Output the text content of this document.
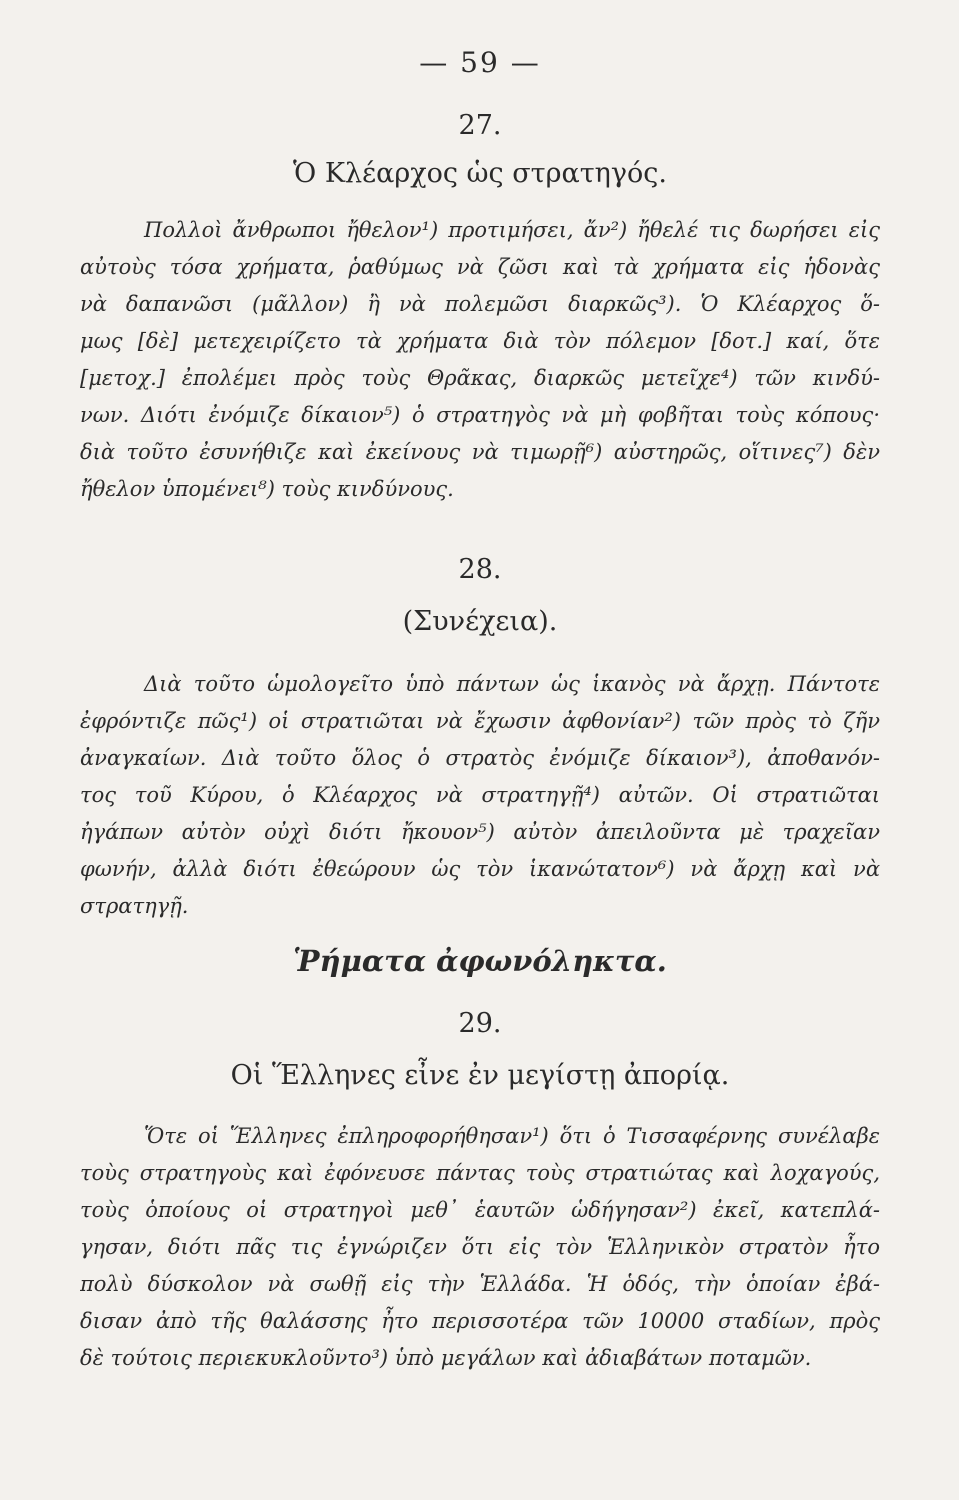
— 59 —
27.
Ὁ Κλέαρχος ὡς στρατηγός.
Πολλοὶ ἄνθρωποι ἤθελον¹) προτιμήσει, ἄν²) ἤθελέ τις δωρήσει εἰς
αὐτοὺς τόσα χρήματα, ῥαθύμως νὰ ζῶσι καὶ τὰ χρήματα εἰς ἡδονὰς
νὰ δαπανῶσι (μᾶλλον) ἢ νὰ πολεμῶσι διαρκῶς³). Ὁ Κλέαρχος ὅ-
μως [δὲ] μετεχειρίζετο τὰ χρήματα διὰ τὸν πόλεμον [δοτ.] καί, ὅτε
[μετοχ.] ἐπολέμει πρὸς τοὺς Θρᾶκας, διαρκῶς μετεῖχε⁴) τῶν κινδύ-
νων. Διότι ἐνόμιζε δίκαιον⁵) ὁ στρατηγὸς νὰ μὴ φοβῆται τοὺς κόπους·
διὰ τοῦτο ἐσυνήθιζε καὶ ἐκείνους νὰ τιμωρῇ⁶) αὐστηρῶς, οἵτινες⁷) δὲν
ἤθελον ὑπομένει⁸) τοὺς κινδύνους.
28.
(Συνέχεια).
Διὰ τοῦτο ὡμολογεῖτο ὑπὸ πάντων ὡς ἱκανὸς νὰ ἄρχῃ. Πάντοτε
ἐφρόντιζε πῶς¹) οἱ στρατιῶται νὰ ἔχωσιν ἀφθονίαν²) τῶν πρὸς τὸ ζῆν
ἀναγκαίων. Διὰ τοῦτο ὅλος ὁ στρατὸς ἐνόμιζε δίκαιον³), ἀποθανόν-
τος τοῦ Κύρου, ὁ Κλέαρχος νὰ στρατηγῇ⁴) αὐτῶν. Οἱ στρατιῶται
ἠγάπων αὐτὸν οὐχὶ διότι ἤκουον⁵) αὐτὸν ἀπειλοῦντα μὲ τραχεῖαν
φωνήν, ἀλλὰ διότι ἐθεώρουν ὡς τὸν ἱκανώτατον⁶) νὰ ἄρχῃ καὶ νὰ
στρατηγῇ.
Ῥήματα ἀφωνόληκτα.
29.
Οἱ Ἕλληνες εἶνε ἐν μεγίστῃ ἀπορίᾳ.
Ὅτε οἱ Ἕλληνες ἐπληροφορήθησαν¹) ὅτι ὁ Τισσαφέρνης συνέλαβε
τοὺς στρατηγοὺς καὶ ἐφόνευσε πάντας τοὺς στρατιώτας καὶ λοχαγούς,
τοὺς ὁποίους οἱ στρατηγοὶ μεθ᾽ ἑαυτῶν ὡδήγησαν²) ἐκεῖ, κατεπλά-
γησαν, διότι πᾶς τις ἐγνώριζεν ὅτι εἰς τὸν Ἑλληνικὸν στρατὸν ἦτο
πολὺ δύσκολον νὰ σωθῇ εἰς τὴν Ἑλλάδα. Ἡ ὁδός, τὴν ὁποίαν ἐβά-
δισαν ἀπὸ τῆς θαλάσσης ἦτο περισσοτέρα τῶν 10000 σταδίων, πρὸς
δὲ τούτοις περιεκυκλοῦντο³) ὑπὸ μεγάλων καὶ ἀδιαβάτων ποταμῶν.
